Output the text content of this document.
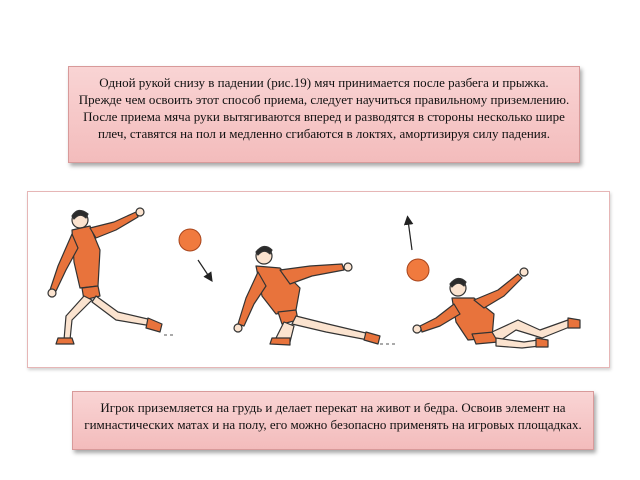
Одной рукой снизу в падении (рис.19) мяч принимается после разбега и прыжка. Прежде чем освоить этот способ приема, следует научиться правильному приземлению. После приема мяча руки вытягиваются вперед и разводятся в стороны несколько шире плеч, ставятся на пол и медленно сгибаются в локтях, амортизируя силу падения.
Игрок приземляется на грудь и делает перекат на живот и бедра. Освоив элемент на гимнастических матах и на полу, его можно безопасно применять на игровых площадках.
